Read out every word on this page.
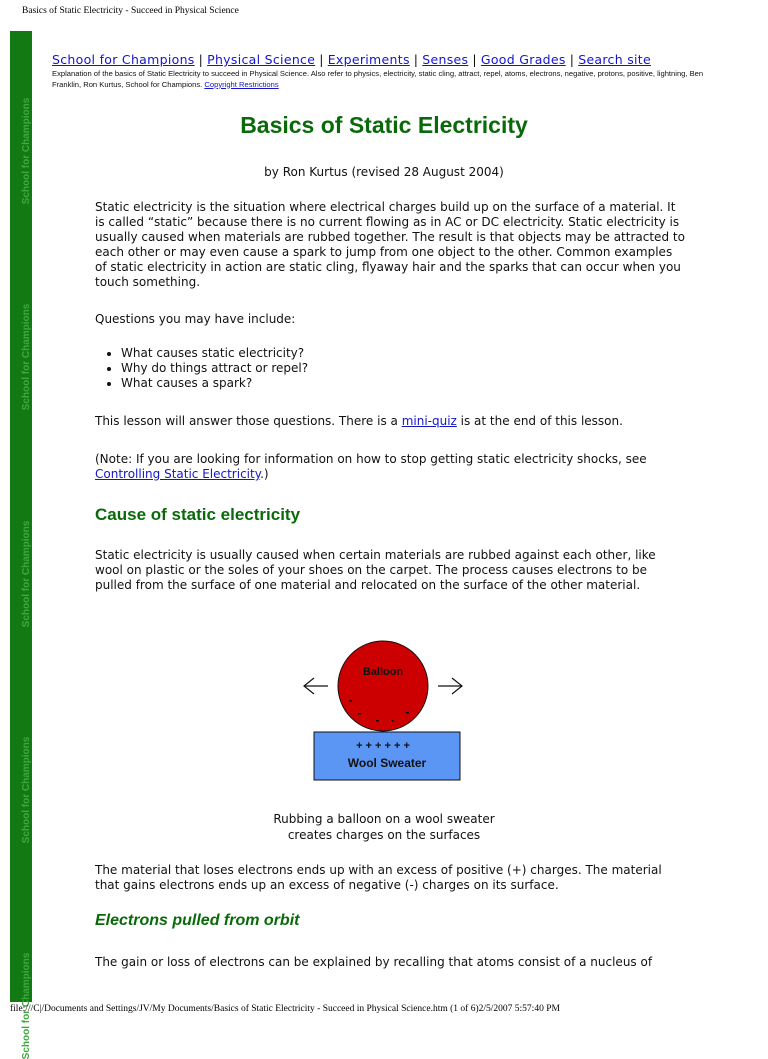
Basics of Static Electricity - Succeed in Physical Science
School for Champions
School for Champions
School for Champions
School for Champions
School for Champions
School for Champions | Physical Science | Experiments | Senses | Good Grades | Search site
Explanation of the basics of Static Electricity to succeed in Physical Science. Also refer to physics, electricity, static cling, attract, repel, atoms, electrons, negative, protons, positive, lightning, Ben Franklin, Ron Kurtus, School for Champions. Copyright Restrictions
Basics of Static Electricity
by Ron Kurtus (revised 28 August 2004)

Static electricity is the situation where electrical charges build up on the surface of a material. It is called “static” because there is no current flowing as in AC or DC electricity. Static electricity is usually caused when materials are rubbed together. The result is that objects may be attracted to each other or may even cause a spark to jump from one object to the other. Common examples of static electricity in action are static cling, flyaway hair and the sparks that can occur when you touch something.

Questions you may have include:

• What causes static electricity?
• Why do things attract or repel?
• What causes a spark?

This lesson will answer those questions. There is a mini-quiz is at the end of this lesson.

(Note: If you are looking for information on how to stop getting static electricity shocks, see Controlling Static Electricity.)

Cause of static electricity

Static electricity is usually caused when certain materials are rubbed against each other, like wool on plastic or the soles of your shoes on the carpet. The process causes electrons to be pulled from the surface of one material and relocated on the surface of the other material.

Balloon
+ + + + + +
Wool Sweater
Rubbing a balloon on a wool sweater
creates charges on the surfaces

The material that loses electrons ends up with an excess of positive (+) charges. The material that gains electrons ends up an excess of negative (-) charges on its surface.

Electrons pulled from orbit

The gain or loss of electrons can be explained by recalling that atoms consist of a nucleus of

file:///C|/Documents and Settings/JV/My Documents/Basics of Static Electricity - Succeed in Physical Science.htm (1 of 6)2/5/2007 5:57:40 PM
